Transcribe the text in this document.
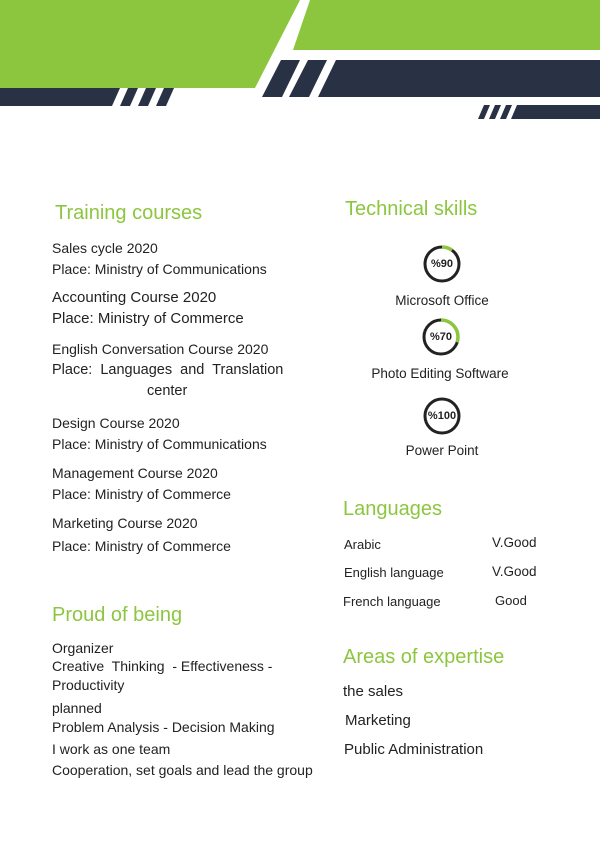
Training courses
Sales cycle 2020
Place: Ministry of Communications
Accounting Course 2020
Place: Ministry of Commerce
English Conversation Course 2020
Place:  Languages  and  Translation
center
Design Course 2020
Place: Ministry of Communications
Management Course 2020
Place: Ministry of Commerce
Marketing Course 2020
Place: Ministry of Commerce
Proud of being
Organizer
Creative  Thinking  - Effectiveness -
Productivity
planned
Problem Analysis - Decision Making
I work as one team
Cooperation, set goals and lead the group
Technical skills
%90
%70
%100
Microsoft Office
Photo Editing Software
Power Point
Languages
Arabic	V.Good
English language	V.Good
French language	Good
Areas of expertise
the sales
Marketing
Public Administration
